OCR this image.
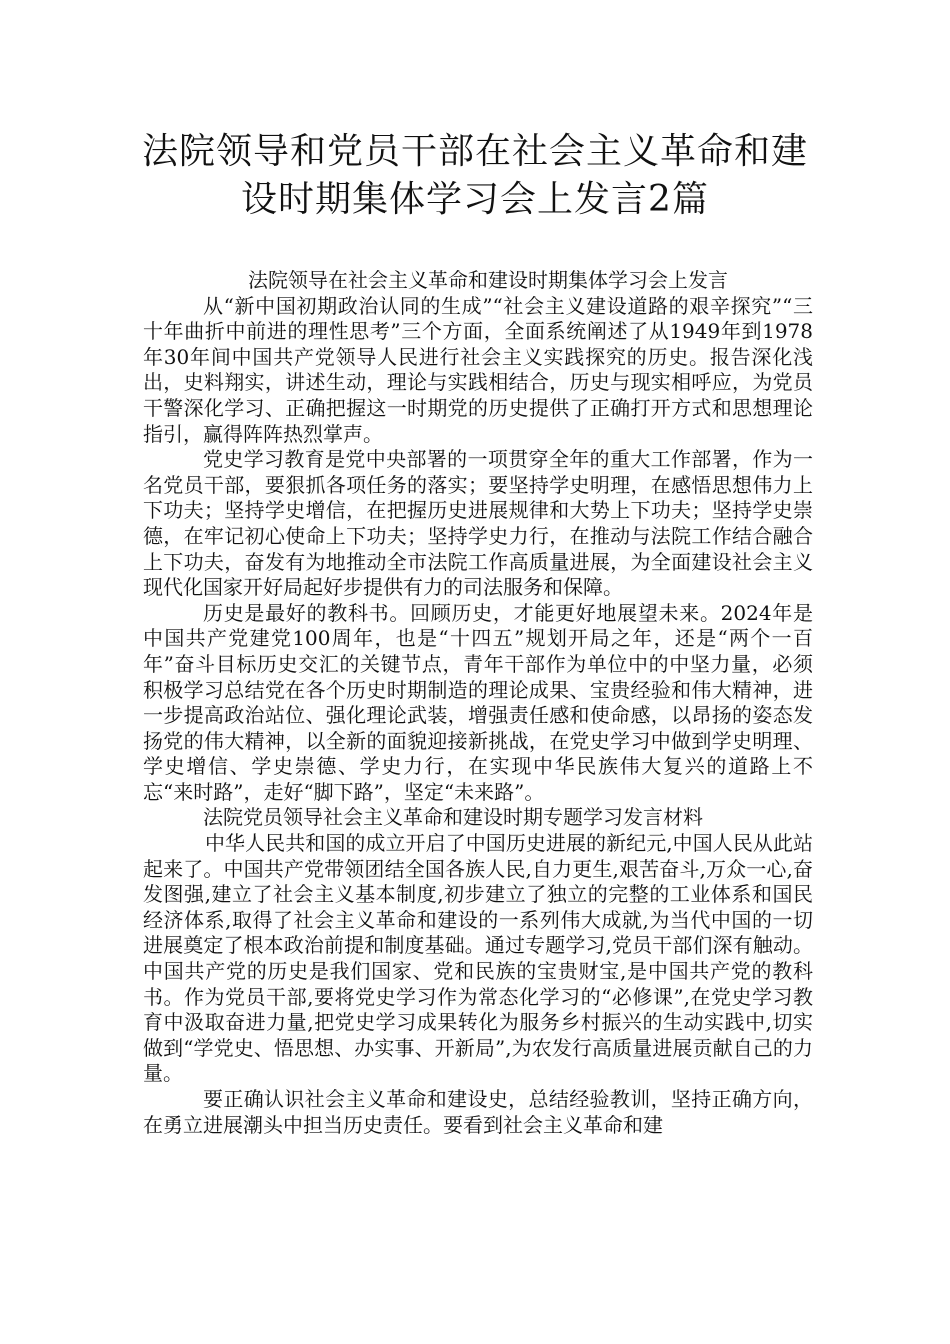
法院领导和党员干部在社会主义革命和建
设时期集体学习会上发言2篇

法院领导在社会主义革命和建设时期集体学习会上发言

从“新中国初期政治认同的生成”“社会主义建设道路的艰辛探究”“三十年曲折中前进的理性思考”三个方面，全面系统阐述了从1949年到1978年30年间中国共产党领导人民进行社会主义实践探究的历史。报告深化浅出，史料翔实，讲述生动，理论与实践相结合，历史与现实相呼应，为党员干警深化学习、正确把握这一时期党的历史提供了正确打开方式和思想理论指引，赢得阵阵热烈掌声。

党史学习教育是党中央部署的一项贯穿全年的重大工作部署，作为一名党员干部，要狠抓各项任务的落实；要坚持学史明理，在感悟思想伟力上下功夫；坚持学史增信，在把握历史进展规律和大势上下功夫；坚持学史崇德，在牢记初心使命上下功夫；坚持学史力行，在推动与法院工作结合融合上下功夫，奋发有为地推动全市法院工作高质量进展，为全面建设社会主义现代化国家开好局起好步提供有力的司法服务和保障。

历史是最好的教科书。回顾历史，才能更好地展望未来。2024年是中国共产党建党100周年，也是“十四五”规划开局之年，还是“两个一百年”奋斗目标历史交汇的关键节点，青年干部作为单位中的中坚力量，必须积极学习总结党在各个历史时期制造的理论成果、宝贵经验和伟大精神，进一步提高政治站位、强化理论武装，增强责任感和使命感，以昂扬的姿态发扬党的伟大精神，以全新的面貌迎接新挑战，在党史学习中做到学史明理、学史增信、学史崇德、学史力行，在实现中华民族伟大复兴的道路上不忘“来时路”，走好“脚下路”，坚定“未来路”。

法院党员领导社会主义革命和建设时期专题学习发言材料

中华人民共和国的成立开启了中国历史进展的新纪元,中国人民从此站起来了。中国共产党带领团结全国各族人民,自力更生,艰苦奋斗,万众一心,奋发图强,建立了社会主义基本制度,初步建立了独立的完整的工业体系和国民经济体系,取得了社会主义革命和建设的一系列伟大成就,为当代中国的一切进展奠定了根本政治前提和制度基础。通过专题学习,党员干部们深有触动。中国共产党的历史是我们国家、党和民族的宝贵财宝,是中国共产党的教科书。作为党员干部,要将党史学习作为常态化学习的“必修课”,在党史学习教育中汲取奋进力量,把党史学习成果转化为服务乡村振兴的生动实践中,切实做到“学党史、悟思想、办实事、开新局”,为农发行高质量进展贡献自己的力量。

要正确认识社会主义革命和建设史，总结经验教训，坚持正确方向，在勇立进展潮头中担当历史责任。要看到社会主义革命和建
